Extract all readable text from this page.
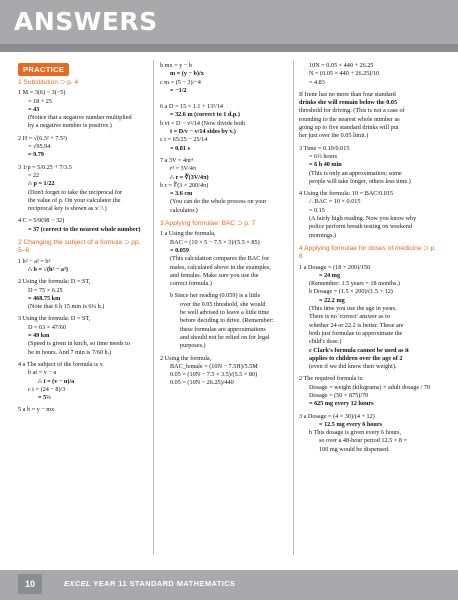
ANSWERS
1 Substitution ⊃ p. 4
1 M = 3(6) − 3(−5)
= 18 + 25
= 43
(Notice that a negative number multiplied
by a negative number is positive.)
2 H = √(6.3² + 7.5²)
= √95.94
= 9.79
3 1/p = 5/0.25 + 7/3.5
= 22
∴ p = 1/22
(Don't forget to take the reciprocal for
the value of p. On your calculator the
reciprocal key is shown as x⁻¹.)
4 C = 5/9(98 − 32)
= 37 (correct to the nearest whole number)
2 Changing the subject of a formula ⊃ pp. 5–6
1 h² − a² = b²
∴ b = √(h² − a²)
2 Using the formula: D = ST,
D = 75 × 6.25
= 468.75 km
(Note that 6 h 15 min is 6¼ h.)
3 Using the formula: D = ST,
D = 63 × 47/60
= 49 km
(Speed is given in km/h, so time needs to
be in hours. And 7 min is 7/60 h.)
4 a The subject of the formula is v.
b at = v − u
∴ t = (v − u)/a
c t = (24 − 8)/3
= 5⅓
5 a b = y − mx
PRACTICE	b mx = y − b
m = (y − b)/x
c m = (5 − 3)/−4
= −1/2
6 a D = 15 × 1.1 + 13²/14
= 32.6 m (correct to 1 d.p.)
b vt = D − v²/14 (Now divide both
t = D/v − v/14 sides by v.)
c t = 65/25 − 25/14
= 0.81 s
7 a 3V = 4πr³
r³ = 3V/4π
∴ r = ∛(3V/4π)
b r = ∛(3 × 200/4π)
= 3.6 cm
(You can do the whole process on your
calculator.)
3 Applying formulae: BAC ⊃ p. 7
1 a Using the formula,
BAC = (10 × 5 − 7.5 × 3)/(5.5 × 85)
= 0.059
(This calculation compares the BAC for
males, calculated above in the examples,
and females. Make sure you use the
correct formula.)
b Since her reading (0.059) is a little
over the 0.05 threshold, she would
be well advised to leave a little time
before deciding to drive. (Remember:
these formulae are approximations
and should not be relied on for legal
purposes.)
2 Using the formula,
BAC_female = (10N − 7.5H)/5.5M
0.05 = (10N − 7.5 × 3.5)/(5.5 × 80)
0.05 = (10N − 26.25)/440
10N = 0.05 × 440 + 26.25
N = (0.05 × 440 + 26.25)/10
= 4.83
If Irene has no more than four standard
drinks she will remain below the 0.05
threshold for driving. (This is not a case of
rounding to the nearest whole number as
going up to five standard drinks will put
her just over the 0.05 limit.)
3 Time = 0.10/0.015
= 6⅔ hours
= 6 h 40 min
(This is only an approximation; some
people will take longer, others less time.)
4 Using the formula: 10 = BAC/0.015
∴ BAC = 10 × 0.015
= 0.15
(A fairly high reading. Now you know why
police perform breath testing on weekend
mornings.)
4 Applying formulae for doses of medicine ⊃ p. 8
1 a Dosage = (18 × 200)/150
= 24 mg
(Remember: 1.5 years = 18 months.)
b Dosage = (1.5 × 200)/(1.5 + 12)
= 22.2 mg
(This time you use the age in years.
There is no 'correct' answer as to
whether 24 or 22.2 is better. These are
both just formulae to approximate the
child's dose.)
c Clark's formula cannot be used as it
applies to children over the age of 2
(even if we did know their weight).
2 The required formula is:
Dosage = weight (kilograms) × adult dosage / 70
Dosage = (50 × 875)/70
= 625 mg every 12 hours
3 a Dosage = (4 × 30)/(4 + 12)
= 12.5 mg every 6 hours
b This dosage is given every 6 hours,
so over a 48-hour period 12.5 × 8 =
100 mg would be dispensed.
10	EXCEL YEAR 11 STANDARD MATHEMATICS
